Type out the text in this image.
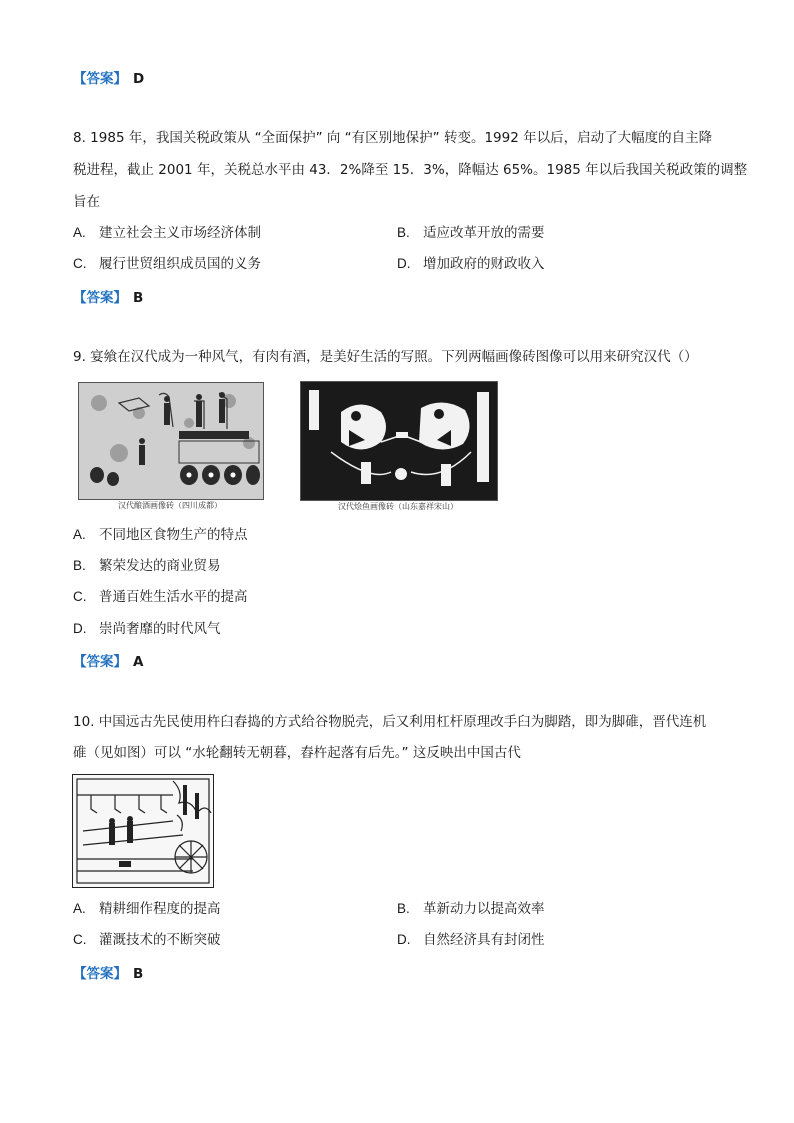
【答案】 D
8. 1985 年，我国关税政策从 “全面保护” 向 “有区别地保护” 转变。1992 年以后，启动了大幅度的自主降
税进程，截止 2001 年，关税总水平由 43．2%降至 15．3%，降幅达 65%。1985 年以后我国关税政策的调整
旨在
A. 建立社会主义市场经济体制	B. 适应改革开放的需要
C. 履行世贸组织成员国的义务	D. 增加政府的财政收入
【答案】 B
9. 宴飨在汉代成为一种风气，有肉有酒，是美好生活的写照。下列两幅画像砖图像可以用来研究汉代（）
汉代酿酒画像砖（四川成都）	汉代烩鱼画像砖（山东嘉祥宋山）
A. 不同地区食物生产的特点
B. 繁荣发达的商业贸易
C. 普通百姓生活水平的提高
D. 崇尚奢靡的时代风气
【答案】 A
10. 中国远古先民使用杵臼舂捣的方式给谷物脱壳，后又利用杠杆原理改手臼为脚踏，即为脚碓，晋代连机
碓（见如图）可以 “水轮翻转无朝暮，舂杵起落有后先。” 这反映出中国古代
A. 精耕细作程度的提高	B. 革新动力以提高效率
C. 灌溉技术的不断突破	D. 自然经济具有封闭性
【答案】 B
